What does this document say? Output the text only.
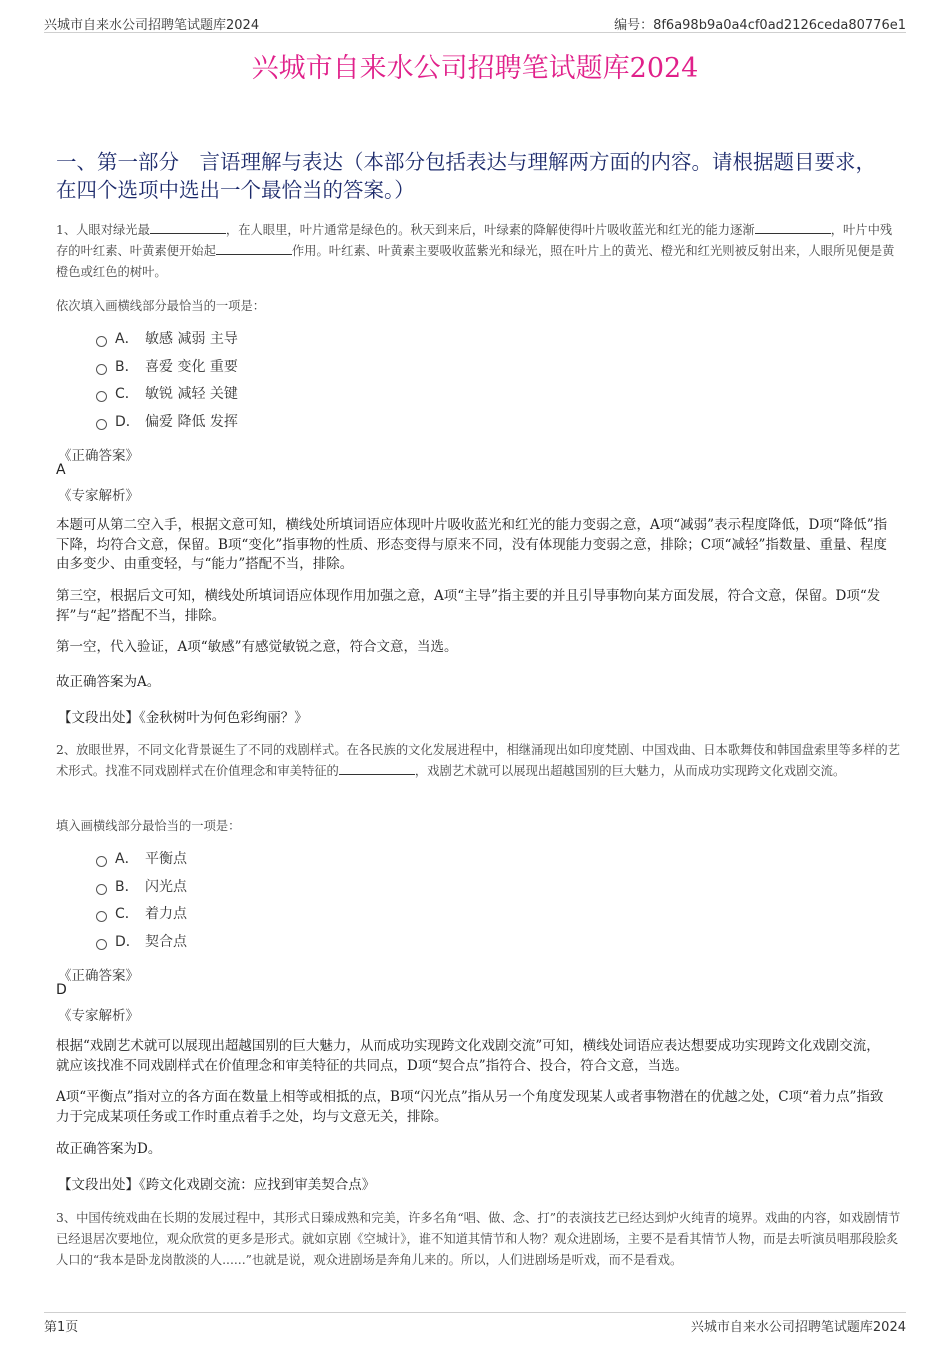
兴城市自来水公司招聘笔试题库2024	编号：8f6a98b9a0a4cf0ad2126ceda80776e1
兴城市自来水公司招聘笔试题库2024
一、第一部分　言语理解与表达（本部分包括表达与理解两方面的内容。请根据题目要求，在四个选项中选出一个最恰当的答案。）
1、人眼对绿光最	，在人眼里，叶片通常是绿色的。秋天到来后，叶绿素的降解使得叶片吸收蓝光和红光的能力逐渐	，叶片中残存的叶红素、叶黄素便开始起	作用。叶红素、叶黄素主要吸收蓝紫光和绿光，照在叶片上的黄光、橙光和红光则被反射出来，人眼所见便是黄橙色或红色的树叶。
依次填入画横线部分最恰当的一项是：
A． 敏感 减弱 主导
B． 喜爱 变化 重要
C． 敏锐 减轻 关键
D． 偏爱 降低 发挥
《正确答案》
A
《专家解析》
本题可从第二空入手，根据文意可知，横线处所填词语应体现叶片吸收蓝光和红光的能力变弱之意，A项“减弱”表示程度降低，D项“降低”指下降，均符合文意，保留。B项“变化”指事物的性质、形态变得与原来不同，没有体现能力变弱之意，排除；C项“减轻”指数量、重量、程度由多变少、由重变轻，与“能力”搭配不当，排除。
第三空，根据后文可知，横线处所填词语应体现作用加强之意，A项“主导”指主要的并且引导事物向某方面发展，符合文意，保留。D项“发挥”与“起”搭配不当，排除。
第一空，代入验证，A项“敏感”有感觉敏锐之意，符合文意，当选。
故正确答案为A。
【文段出处】《金秋树叶为何色彩绚丽？》
2、放眼世界，不同文化背景诞生了不同的戏剧样式。在各民族的文化发展进程中，相继涌现出如印度梵剧、中国戏曲、日本歌舞伎和韩国盘索里等多样的艺术形式。找准不同戏剧样式在价值理念和审美特征的	，戏剧艺术就可以展现出超越国别的巨大魅力，从而成功实现跨文化戏剧交流。
填入画横线部分最恰当的一项是：
A． 平衡点
B． 闪光点
C． 着力点
D． 契合点
《正确答案》
D
《专家解析》
根据“戏剧艺术就可以展现出超越国别的巨大魅力，从而成功实现跨文化戏剧交流”可知，横线处词语应表达想要成功实现跨文化戏剧交流，就应该找准不同戏剧样式在价值理念和审美特征的共同点，D项“契合点”指符合、投合，符合文意，当选。
A项“平衡点”指对立的各方面在数量上相等或相抵的点，B项“闪光点”指从另一个角度发现某人或者事物潜在的优越之处，C项“着力点”指致力于完成某项任务或工作时重点着手之处，均与文意无关，排除。
故正确答案为D。
【文段出处】《跨文化戏剧交流：应找到审美契合点》
3、中国传统戏曲在长期的发展过程中，其形式日臻成熟和完美，许多名角“唱、做、念、打”的表演技艺已经达到炉火纯青的境界。戏曲的内容，如戏剧情节已经退居次要地位，观众欣赏的更多是形式。就如京剧《空城计》，谁不知道其情节和人物？观众进剧场，主要不是看其情节人物，而是去听演员唱那段脍炙人口的“我本是卧龙岗散淡的人......”也就是说，观众进剧场是奔角儿来的。所以，人们进剧场是听戏，而不是看戏。
第1页	兴城市自来水公司招聘笔试题库2024
